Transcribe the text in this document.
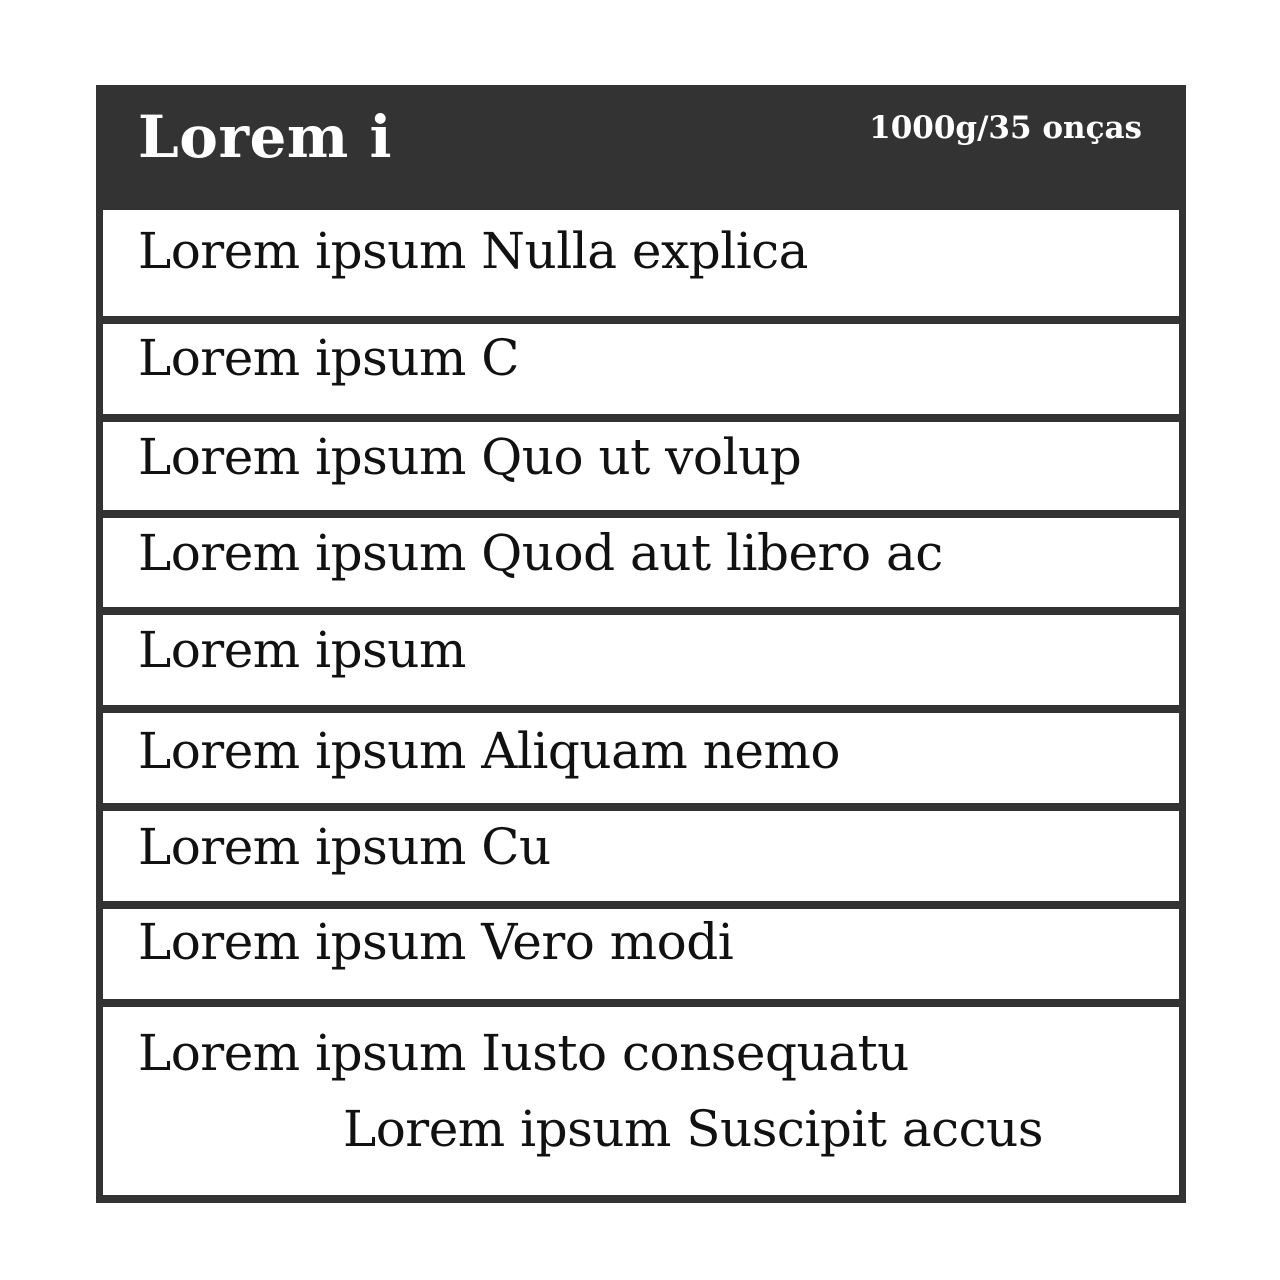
Lorem i	1000g/35 onças
Lorem ipsum Nulla explica
Lorem ipsum C
Lorem ipsum Quo ut volup
Lorem ipsum Quod aut libero ac
Lorem ipsum
Lorem ipsum Aliquam nemo
Lorem ipsum Cu
Lorem ipsum Vero modi
Lorem ipsum Iusto consequatu
Lorem ipsum Suscipit accus
